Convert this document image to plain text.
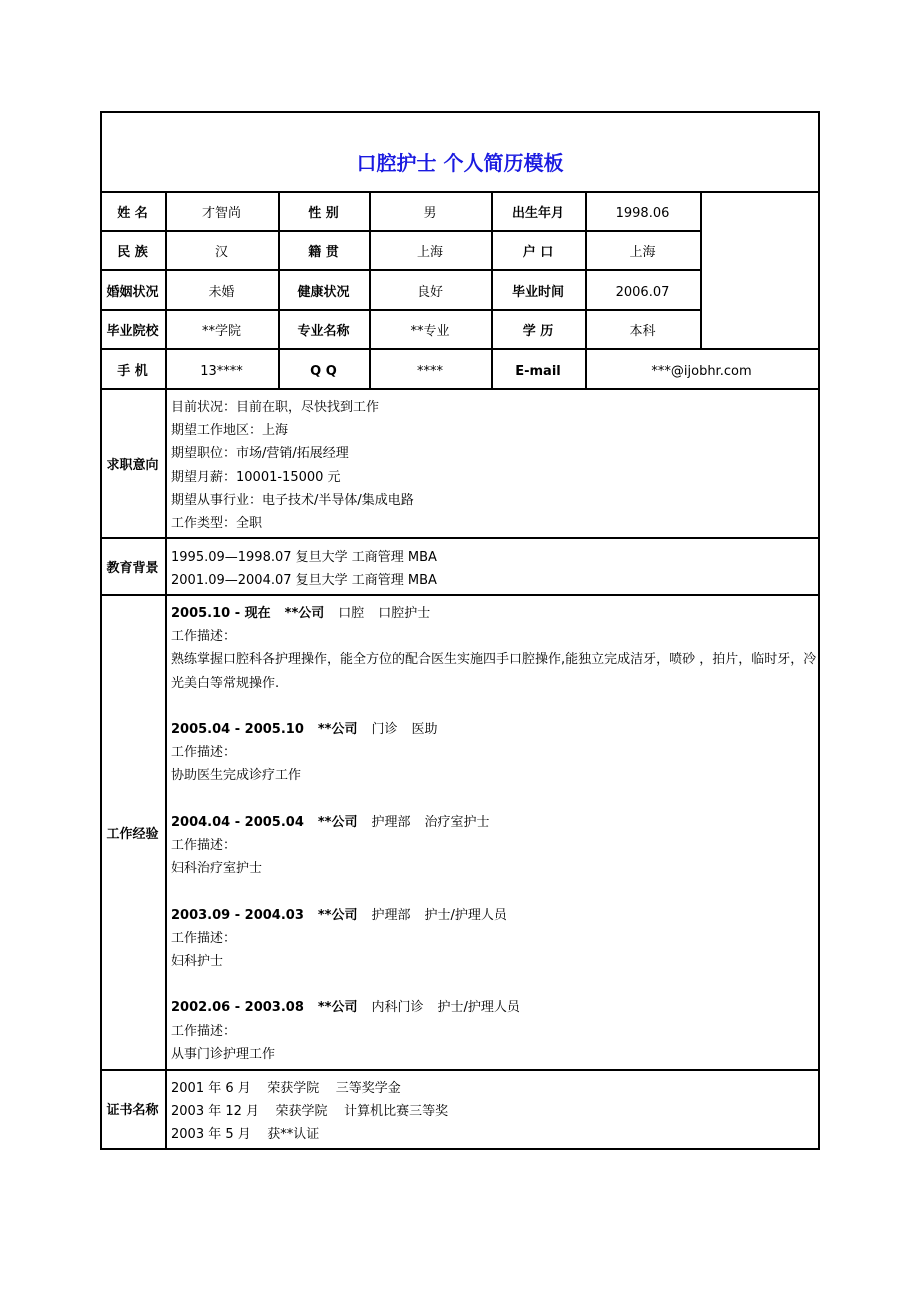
口腔护士 个人简历模板
姓 名	才智尚	性 别	男	出生年月	1998.06
民 族	汉	籍 贯	上海	户 口	上海
婚姻状况	未婚	健康状况	良好	毕业时间	2006.07
毕业院校	**学院	专业名称	**专业	学 历	本科
手 机	13****	Q Q	****	E-mail	***@ijobhr.com
求职意向
目前状况：目前在职，尽快找到工作
期望工作地区：上海
期望职位：市场/营销/拓展经理
期望月薪：10001-15000 元
期望从事行业：电子技术/半导体/集成电路
工作类型：全职
教育背景
1995.09—1998.07 复旦大学 工商管理 MBA
2001.09—2004.07 复旦大学 工商管理 MBA
工作经验
2005.10 - 现在 **公司 口腔 口腔护士
工作描述：
熟练掌握口腔科各护理操作，能全方位的配合医生实施四手口腔操作,能独立完成洁牙，喷砂 ，拍片，临时牙，冷光美白等常规操作.

2005.04 - 2005.10 **公司 门诊 医助
工作描述：
协助医生完成诊疗工作

2004.04 - 2005.04 **公司 护理部 治疗室护士
工作描述：
妇科治疗室护士

2003.09 - 2004.03 **公司 护理部 护士/护理人员
工作描述：
妇科护士

2002.06 - 2003.08 **公司 内科门诊 护士/护理人员
工作描述：
从事门诊护理工作
证书名称
2001 年 6 月    荣获学院    三等奖学金
2003 年 12 月    荣获学院    计算机比赛三等奖
2003 年 5 月    获**认证
